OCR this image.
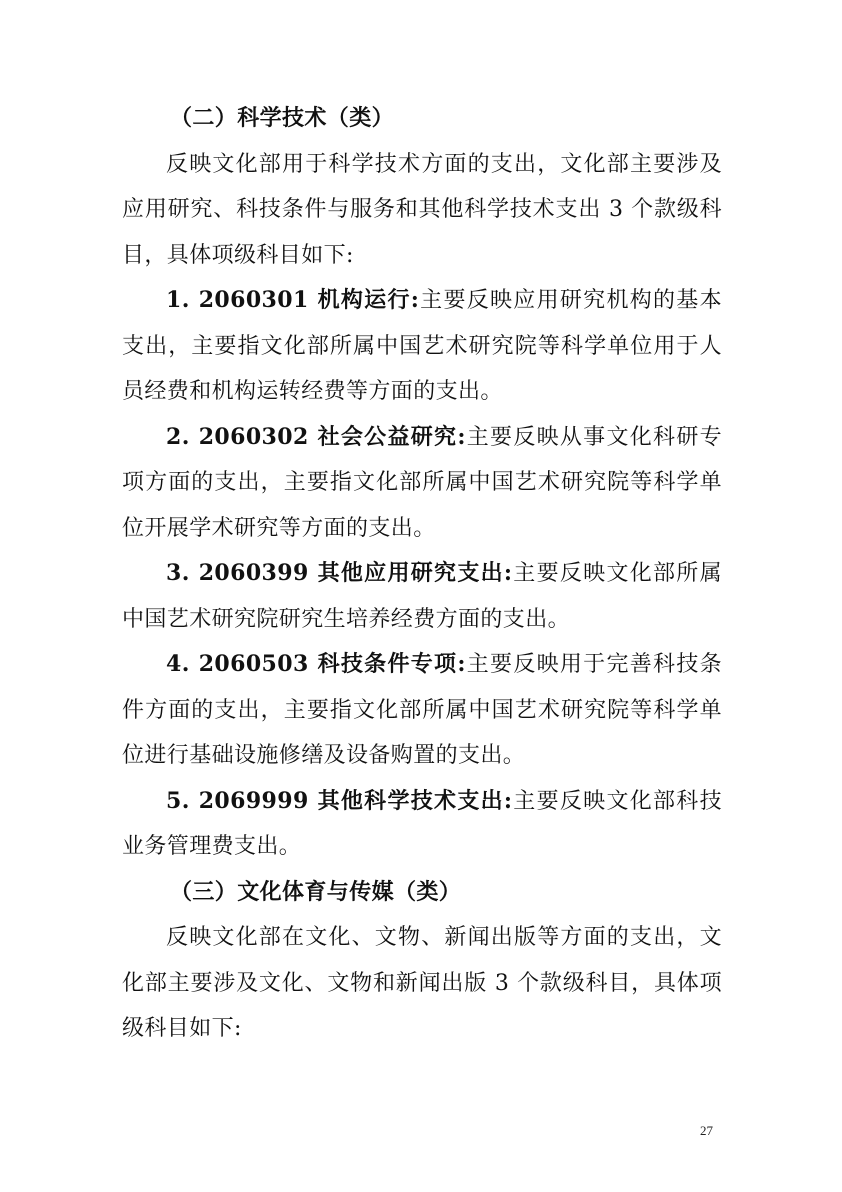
（二）科学技术（类）

反映文化部用于科学技术方面的支出，文化部主要涉及应用研究、科技条件与服务和其他科学技术支出 3 个款级科目，具体项级科目如下:

1. 2060301 机构运行:主要反映应用研究机构的基本支出，主要指文化部所属中国艺术研究院等科学单位用于人员经费和机构运转经费等方面的支出。

2. 2060302 社会公益研究:主要反映从事文化科研专项方面的支出，主要指文化部所属中国艺术研究院等科学单位开展学术研究等方面的支出。

3. 2060399 其他应用研究支出:主要反映文化部所属中国艺术研究院研究生培养经费方面的支出。

4. 2060503 科技条件专项:主要反映用于完善科技条件方面的支出，主要指文化部所属中国艺术研究院等科学单位进行基础设施修缮及设备购置的支出。

5. 2069999 其他科学技术支出:主要反映文化部科技业务管理费支出。

（三）文化体育与传媒（类）

反映文化部在文化、文物、新闻出版等方面的支出，文化部主要涉及文化、文物和新闻出版 3 个款级科目，具体项级科目如下:

27
